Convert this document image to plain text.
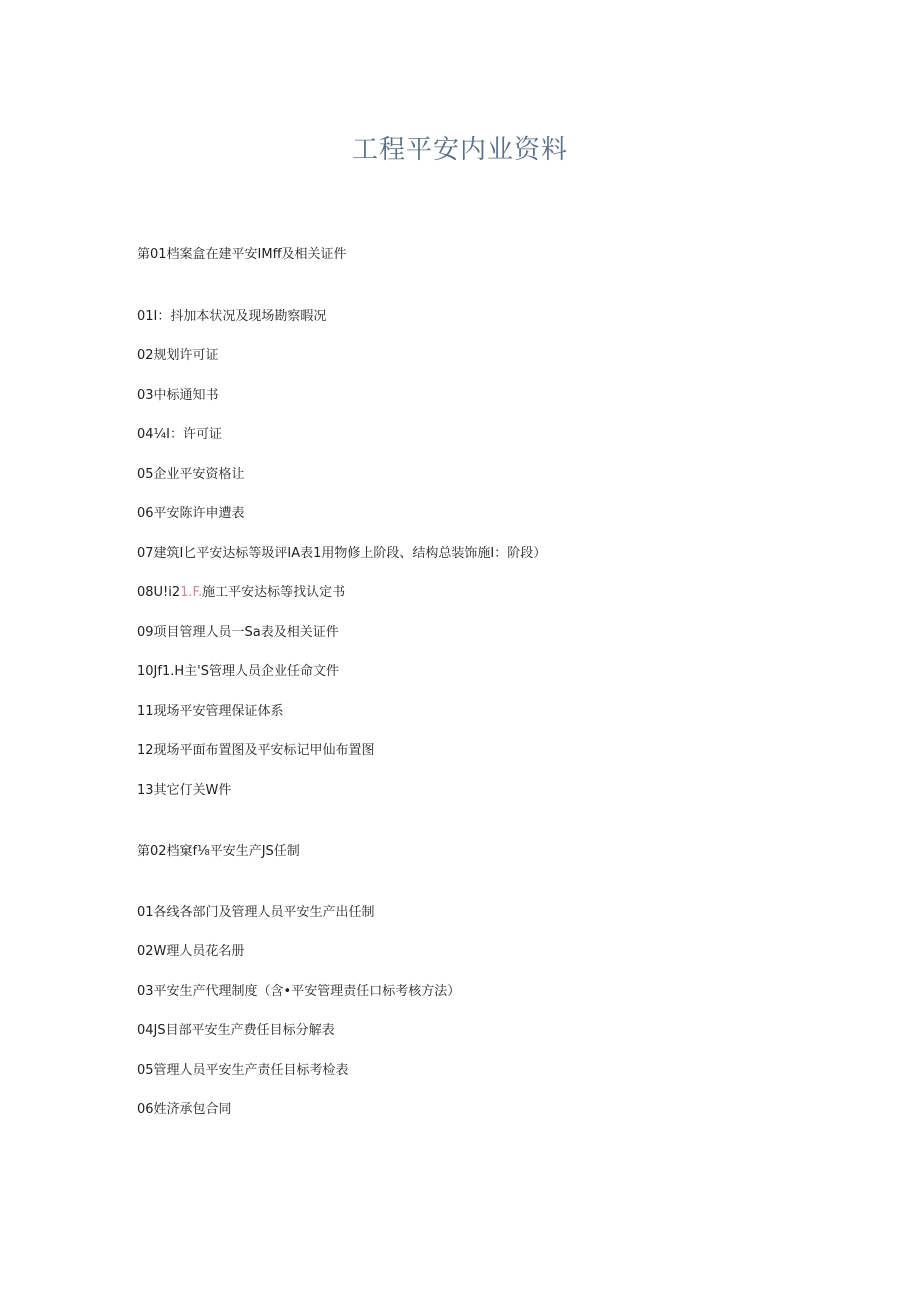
工程平安内业资料
第01档案盒在建平安IMff及相关证件
01I：抖加本状况及现场勘察暇况
02规划许可证
03中标通知书
04¼I：许可证
05企业平安资格让
06平安陈许申遭表
07建筑I匕平安达标等圾评IA表1用物修上阶段、结构总装饰施I：阶段）
08U!i21.F.施工平安达标等找认定书
09项目管理人员一Sa表及相关证件
10Jf1.H主'S管理人员企业任命文件
11现场平安管理保证体系
12现场平面布置图及平安标记甲仙布置图
13其它仃关W件
第02档窠f⅛平安生产JS任制
01各线各部门及管理人员平安生产出任制
02W理人员花名册
03平安生产代理制度（含•平安管理责任口标考核方法）
04JS目部平安生产费任目标分解表
05管理人员平安生产责任目标考检表
06姓济承包合同
